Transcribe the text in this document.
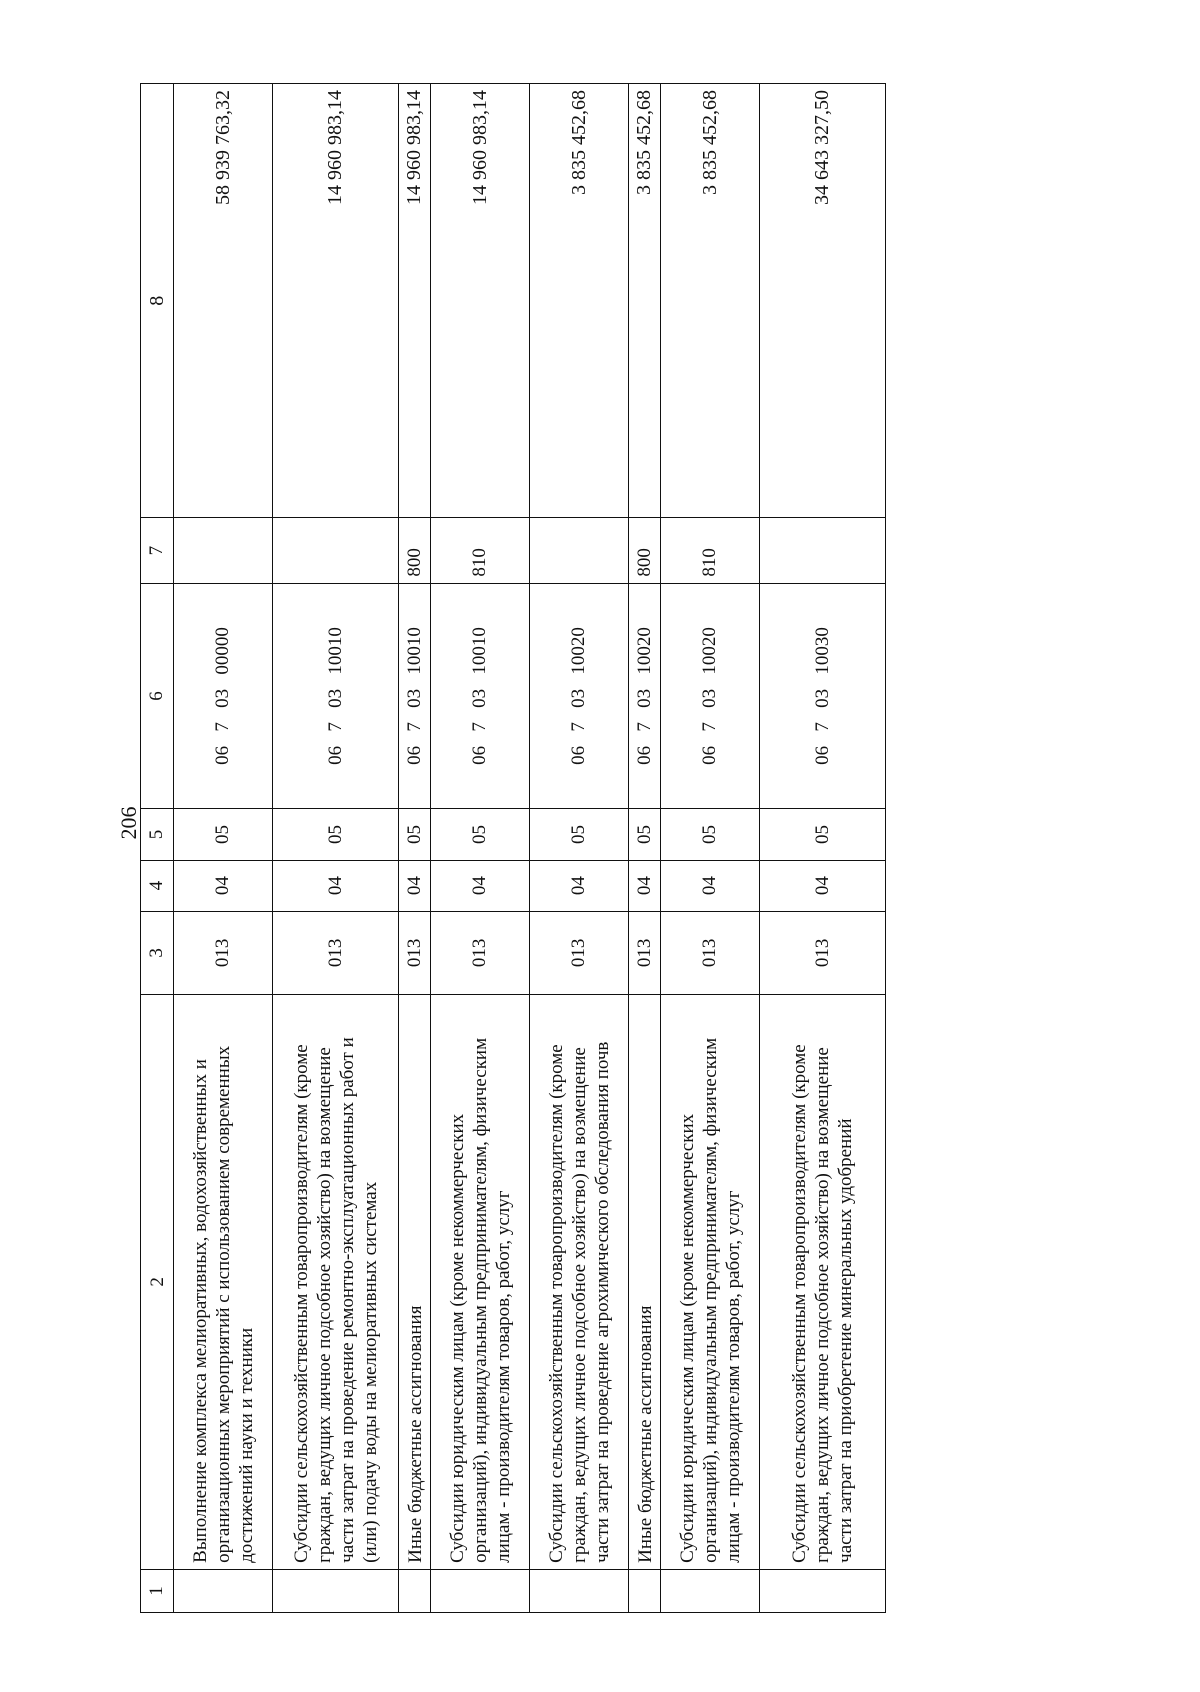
206
1	2	3	4	5	6	7	8
	Выполнение комплекса мелиоративных, водохозяйственных и организационных мероприятий с использованием современных достижений науки и техники	013	04	05	06   7   03   00000		58 939 763,32
	Субсидии сельскохозяйственным товаропроизводителям (кроме граждан, ведущих личное подсобное хозяйство) на возмещение части затрат на проведение ремонтно-эксплуатационных работ и (или) подачу воды на мелиоративных системах	013	04	05	06   7   03   10010		14 960 983,14
	Иные бюджетные ассигнования	013	04	05	06   7   03   10010	800	14 960 983,14
	Субсидии юридическим лицам (кроме некоммерческих организаций), индивидуальным предпринимателям, физическим лицам - производителям товаров, работ, услуг	013	04	05	06   7   03   10010	810	14 960 983,14
	Субсидии сельскохозяйственным товаропроизводителям (кроме граждан, ведущих личное подсобное хозяйство) на возмещение части затрат на проведение агрохимического обследования почв	013	04	05	06   7   03   10020		3 835 452,68
	Иные бюджетные ассигнования	013	04	05	06   7   03   10020	800	3 835 452,68
	Субсидии юридическим лицам (кроме некоммерческих организаций), индивидуальным предпринимателям, физическим лицам - производителям товаров, работ, услуг	013	04	05	06   7   03   10020	810	3 835 452,68
	Субсидии сельскохозяйственным товаропроизводителям (кроме граждан, ведущих личное подсобное хозяйство) на возмещение части затрат на приобретение минеральных удобрений	013	04	05	06   7   03   10030		34 643 327,50
